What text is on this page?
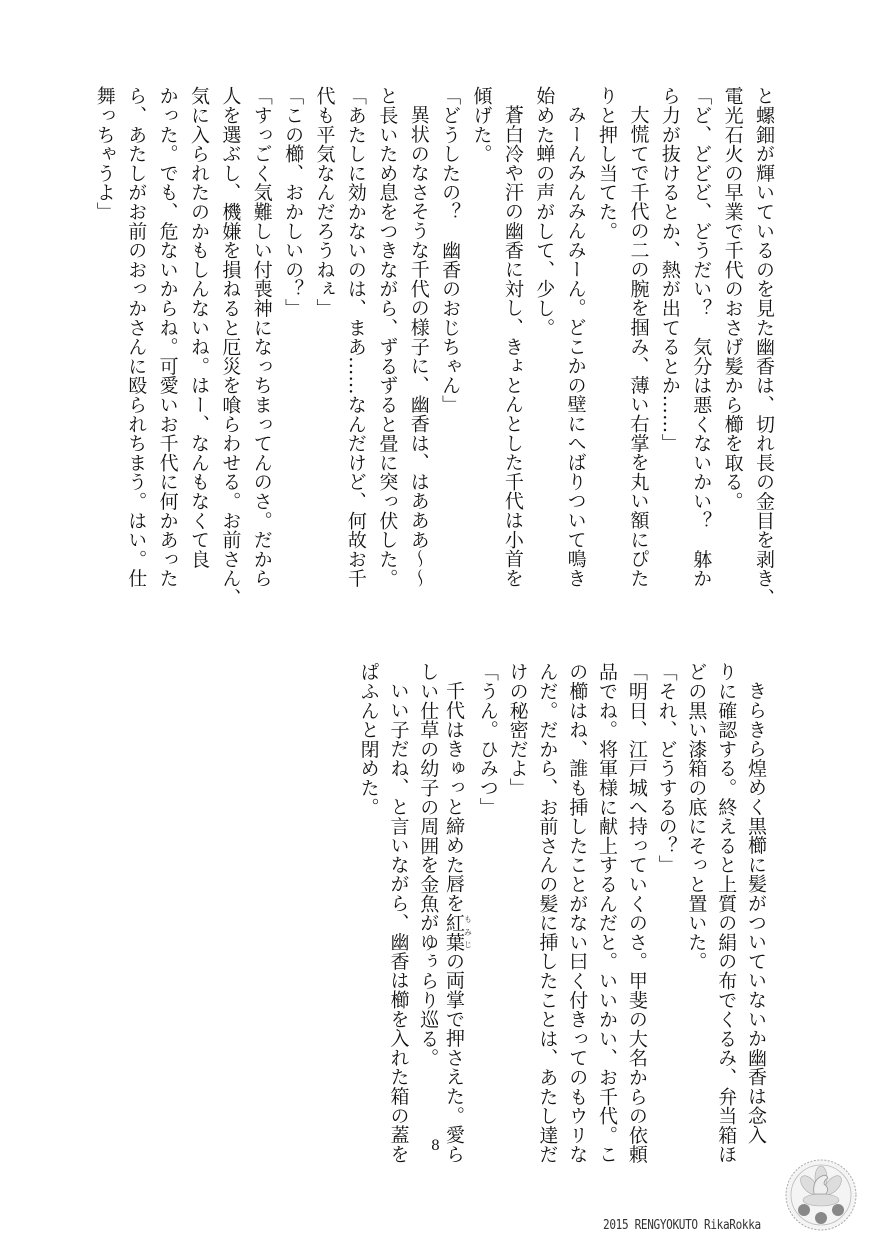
と螺鈿が輝いているのを見た幽香は、切れ長の金目を剥き、
電光石火の早業で千代のおさげ髪から櫛を取る。
「ど、どどど、どうだい？　気分は悪くないかい？　躰か
ら力が抜けるとか、熱が出てるとか……」
大慌てで千代の二の腕を掴み、薄い右掌を丸い額にぴた
りと押し当てた。
みーんみんみんみーん。どこかの壁にへばりついて鳴き
始めた蝉の声がして、少し。
蒼白冷や汗の幽香に対し、きょとんとした千代は小首を
傾げた。
「どうしたの？　幽香のおじちゃん」
異状のなさそうな千代の様子に、幽香は、はあああ〜〜
と長いため息をつきながら、ずるずると畳に突っ伏した。
「あたしに効かないのは、まあ……なんだけど、何故お千
代も平気なんだろうねぇ」
「この櫛、おかしいの？」
「すっごく気難しい付喪神になっちまってんのさ。だから
人を選ぶし、機嫌を損ねると厄災を喰らわせる。お前さん、
気に入られたのかもしんないね。はー、なんもなくて良
かった。でも、危ないからね。可愛いお千代に何かあった
ら、あたしがお前のおっかさんに殴られちまう。はい。仕
舞っちゃうよ」
きらきら煌めく黒櫛に髪がついていないか幽香は念入
りに確認する。終えると上質の絹の布でくるみ、弁当箱ほ
どの黒い漆箱の底にそっと置いた。
「それ、どうするの？」
「明日、江戸城へ持っていくのさ。甲斐の大名からの依頼
品でね。将軍様に献上するんだと。いいかい、お千代。こ
の櫛はね、誰も挿したことがない曰く付きってのもウリな
んだ。だから、お前さんの髪に挿したことは、あたし達だ
けの秘密だよ」
「うん。ひみつ」
千代はきゅっと締めた唇を紅葉もみじの両掌で押さえた。愛ら
しい仕草の幼子の周囲を金魚がゆぅらり巡る。
いい子だね、と言いながら、幽香は櫛を入れた箱の蓋を
ぱふんと閉めた。
8
2015 RENGYOKUTO RikaRokka
